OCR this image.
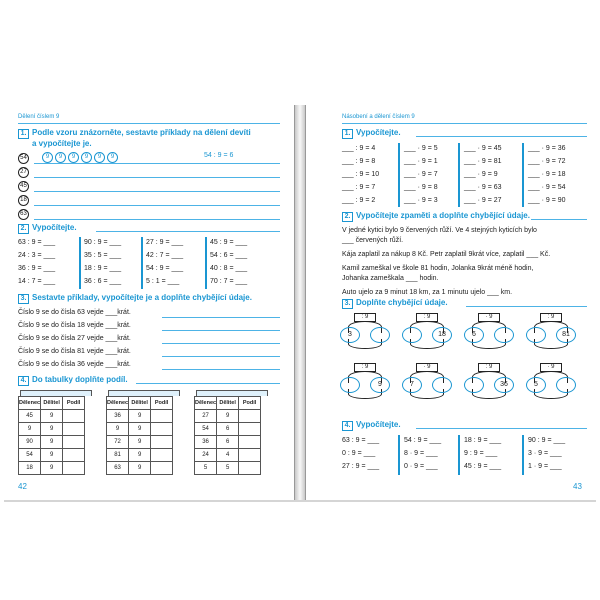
Dělení číslem 9
1. Podle vzoru znázorněte, sestavte příklady na dělení devíti
a vypočítejte je.
54
27
45
18
63
9	9	9	9	9	9	54 : 9 = 6
2. Vypočítejte.
63 : 9 = ___
24 : 3 = ___
36 : 9 = ___
14 : 7 = ___
90 : 9 = ___
35 : 5 = ___
18 : 9 = ___
36 : 6 = ___
27 : 9 = ___
42 : 7 = ___
54 : 9 = ___
5 : 1 = ___
45 : 9 = ___
54 : 6 = ___
40 : 8 = ___
70 : 7 = ___
3. Sestavte příklady, vypočítejte je a doplňte chybějící údaje.
Číslo 9 se do čísla 63 vejde ___krát.
Číslo 9 se do čísla 18 vejde ___krát.
Číslo 9 se do čísla 27 vejde ___krát.
Číslo 9 se do čísla 81 vejde ___krát.
Číslo 9 se do čísla 36 vejde ___krát.
4. Do tabulky doplňte podíl.
Dělenec	Dělitel	Podíl
45	9	
9	9	
90	9	
54	9	
18	9	
Dělenec	Dělitel	Podíl
36	9	
9	9	
72	9	
81	9	
63	9	
Dělenec	Dělitel	Podíl
27	9	
54	6	
36	6	
24	4	
5	5	
42
Násobení a dělení číslem 9
1. Vypočítejte.
___ : 9 = 4
___ : 9 = 8
___ : 9 = 10
___ : 9 = 7
___ : 9 = 2
___ · 9 = 5
___ · 9 = 1
___ · 9 = 7
___ · 9 = 8
___ · 9 = 3
___ · 9 = 45
___ · 9 = 81
___ · 9 = 9
___ · 9 = 63
___ · 9 = 27
___ · 9 = 36
___ · 9 = 72
___ · 9 = 18
___ · 9 = 54
___ · 9 = 90
2. Vypočítejte zpaměti a doplňte chybějící údaje.
V jedné kytici bylo 9 červených růží. Ve 4 stejných kyticích bylo
___ červených růží.
Kája zaplatil za nákup 8 Kč. Petr zaplatil 9krát více, zaplatil ___ Kč.
Kamil zameškal ve škole 81 hodin, Jolanka 9krát méně hodin,
Johanka zameškala ___ hodin.
Auto ujelo za 9 minut 18 km, za 1 minutu ujelo ___ km.
3. Doplňte chybějící údaje.
: 9
3
: 9
18
· 9
6
: 9
81
: 9
9
· 9
7
: 9
36
· 9
5
4. Vypočítejte.
63 : 9 = ___
0 : 9 = ___
27 : 9 = ___
54 : 9 = ___
8 · 9 = ___
0 · 9 = ___
18 : 9 = ___
9 : 9 = ___
45 : 9 = ___
90 : 9 = ___
3 · 9 = ___
1 · 9 = ___
43
